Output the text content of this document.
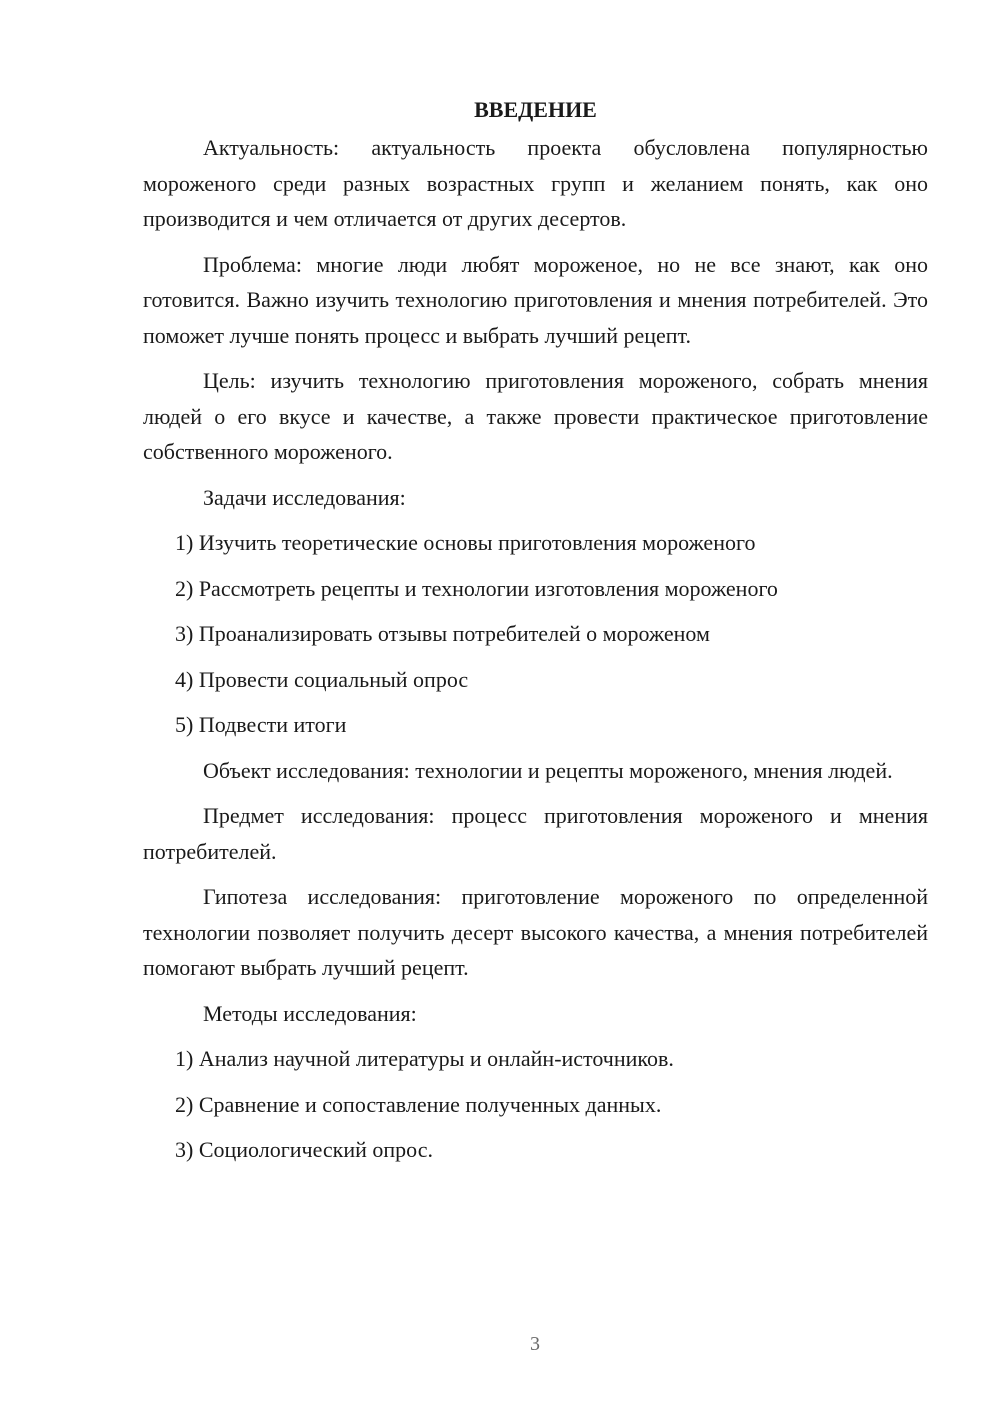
ВВЕДЕНИЕ

Актуальность: актуальность проекта обусловлена популярностью мороженого среди разных возрастных групп и желанием понять, как оно производится и чем отличается от других десертов.

Проблема: многие люди любят мороженое, но не все знают, как оно готовится. Важно изучить технологию приготовления и мнения потребителей. Это поможет лучше понять процесс и выбрать лучший рецепт.

Цель: изучить технологию приготовления мороженого, собрать мнения людей о его вкусе и качестве, а также провести практическое приготовление собственного мороженого.

Задачи исследования:

1) Изучить теоретические основы приготовления мороженого
2) Рассмотреть рецепты и технологии изготовления мороженого
3) Проанализировать отзывы потребителей о мороженом
4) Провести социальный опрос
5) Подвести итоги

Объект исследования: технологии и рецепты мороженого, мнения людей.

Предмет исследования: процесс приготовления мороженого и мнения потребителей.

Гипотеза исследования: приготовление мороженого по определенной технологии позволяет получить десерт высокого качества, а мнения потребителей помогают выбрать лучший рецепт.

Методы исследования:

1) Анализ научной литературы и онлайн-источников.
2) Сравнение и сопоставление полученных данных.
3) Социологический опрос.
3
